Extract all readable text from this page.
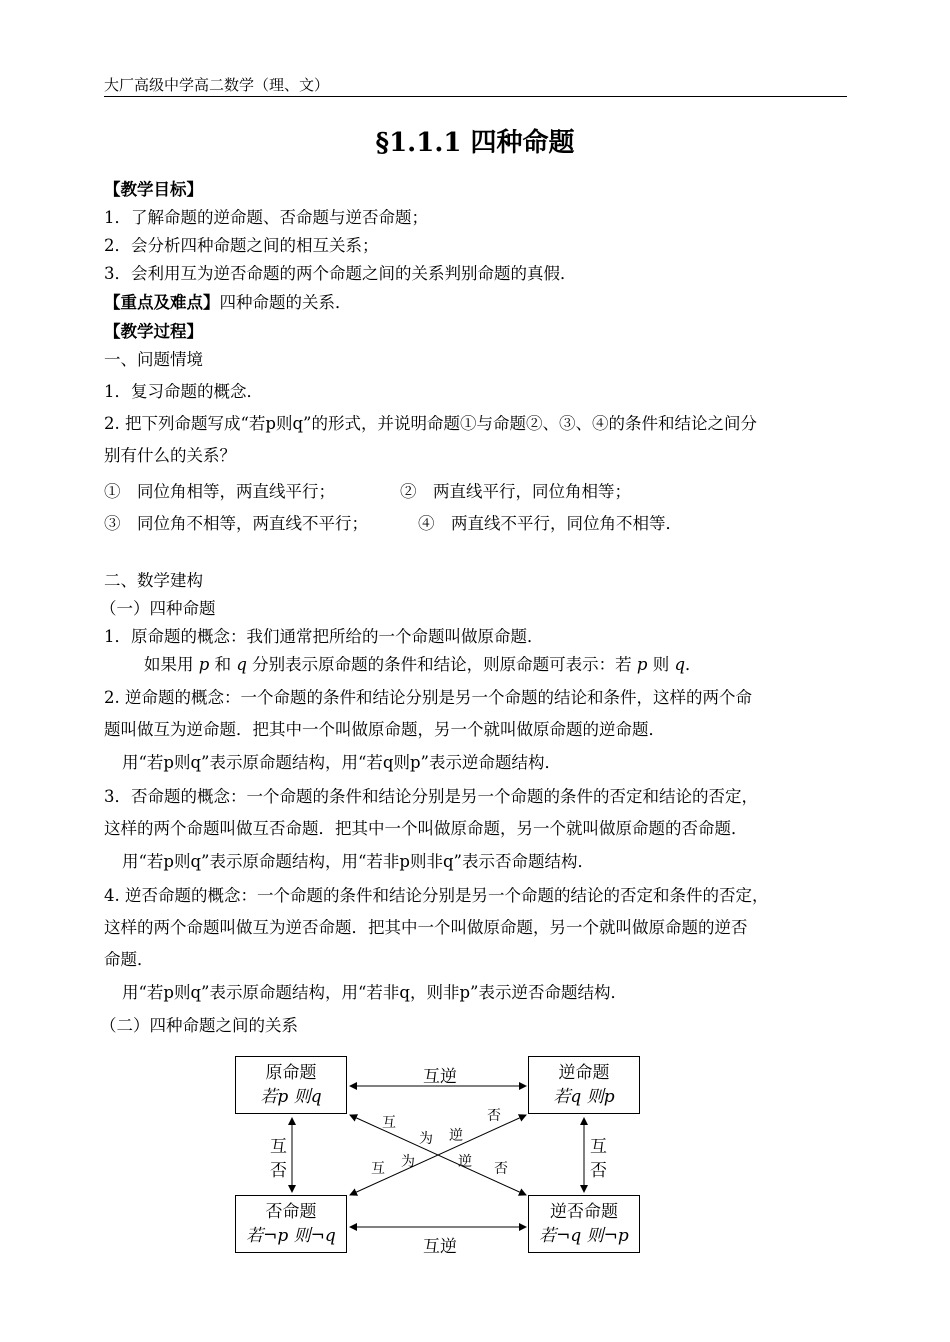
大厂高级中学高二数学（理、文）
§1.1.1 四种命题
【教学目标】
1．了解命题的逆命题、否命题与逆否命题；
2．会分析四种命题之间的相互关系；
3．会利用互为逆否命题的两个命题之间的关系判别命题的真假．
【重点及难点】四种命题的关系．
【教学过程】
一、问题情境
1．复习命题的概念．
2. 把下列命题写成“若p则q”的形式，并说明命题①与命题②、③、④的条件和结论之间分
别有什么的关系？
①　同位角相等，两直线平行；	②　两直线平行，同位角相等；
③　同位角不相等，两直线不平行；	④　两直线不平行，同位角不相等．
二、数学建构
（一）四种命题
1．原命题的概念：我们通常把所给的一个命题叫做原命题．
如果用 p 和 q 分别表示原命题的条件和结论，则原命题可表示：若 p 则 q．
2. 逆命题的概念：一个命题的条件和结论分别是另一个命题的结论和条件，这样的两个命
题叫做互为逆命题．把其中一个叫做原命题，另一个就叫做原命题的逆命题．
用“若p则q”表示原命题结构，用“若q则p”表示逆命题结构．
3．否命题的概念：一个命题的条件和结论分别是另一个命题的条件的否定和结论的否定，
这样的两个命题叫做互否命题．把其中一个叫做原命题，另一个就叫做原命题的否命题．
用“若p则q”表示原命题结构，用“若非p则非q”表示否命题结构．
4. 逆否命题的概念：一个命题的条件和结论分别是另一个命题的结论的否定和条件的否定，
这样的两个命题叫做互为逆否命题．把其中一个叫做原命题，另一个就叫做原命题的逆否
命题．
用“若p则q”表示原命题结构，用“若非q，则非p”表示逆否命题结构．
（二）四种命题之间的关系
原命题
若p 则q
逆命题
若q 则p
否命题
若¬p 则¬q
逆否命题
若¬q 则¬p
互逆
互逆
互
否
互
否
互
为 逆
否
否
逆
为
互
